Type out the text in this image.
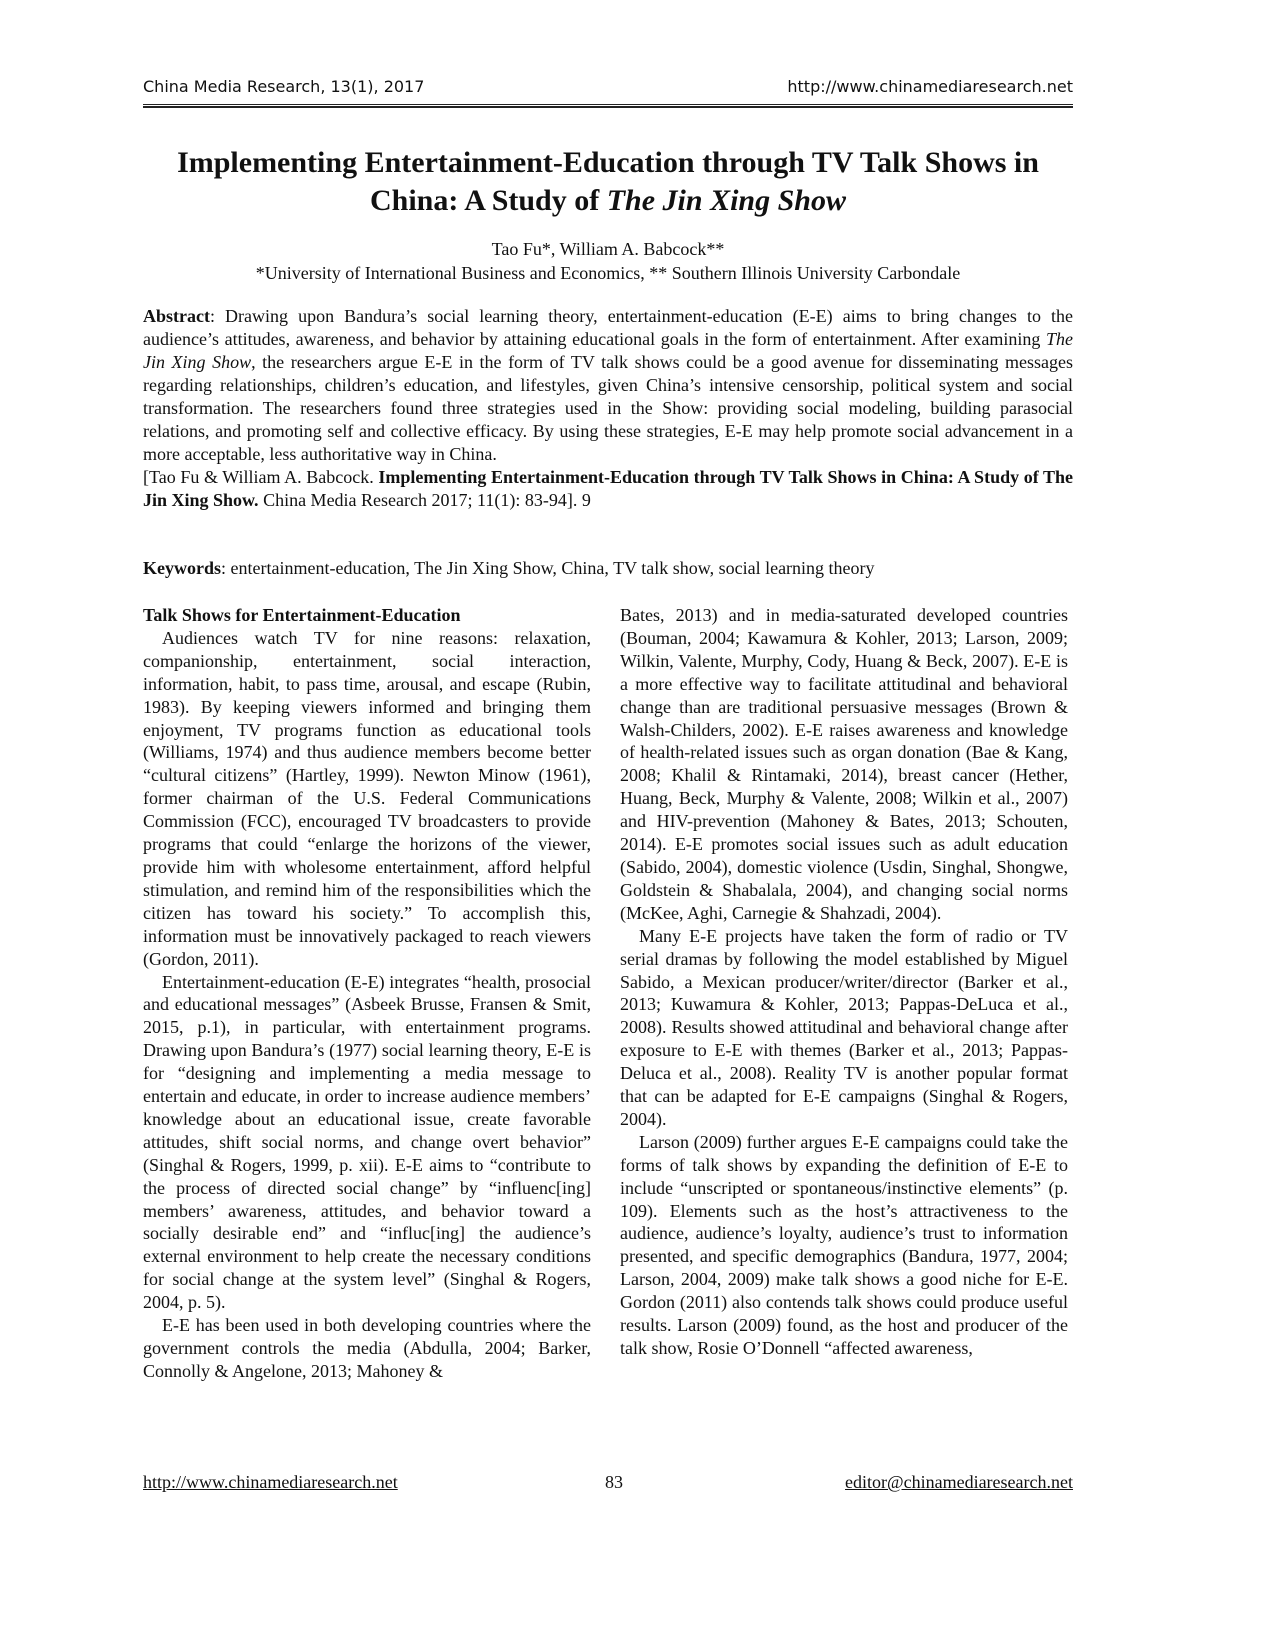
China Media Research, 13(1), 2017	http://www.chinamediaresearch.net
Implementing Entertainment-Education through TV Talk Shows in
China: A Study of The Jin Xing Show
Tao Fu*, William A. Babcock**
*University of International Business and Economics, ** Southern Illinois University Carbondale

Abstract: Drawing upon Bandura’s social learning theory, entertainment-education (E-E) aims to bring changes to the audience’s attitudes, awareness, and behavior by attaining educational goals in the form of entertainment. After examining The Jin Xing Show, the researchers argue E-E in the form of TV talk shows could be a good avenue for disseminating messages regarding relationships, children’s education, and lifestyles, given China’s intensive censorship, political system and social transformation. The researchers found three strategies used in the Show: providing social modeling, building parasocial relations, and promoting self and collective efficacy. By using these strategies, E-E may help promote social advancement in a more acceptable, less authoritative way in China.

[Tao Fu & William A. Babcock. Implementing Entertainment-Education through TV Talk Shows in China: A Study of The Jin Xing Show. China Media Research 2017; 11(1): 83-94]. 9

Keywords: entertainment-education, The Jin Xing Show, China, TV talk show, social learning theory
Talk Shows for Entertainment-Education

Audiences watch TV for nine reasons: relaxation, companionship, entertainment, social interaction, information, habit, to pass time, arousal, and escape (Rubin, 1983). By keeping viewers informed and bringing them enjoyment, TV programs function as educational tools (Williams, 1974) and thus audience members become better “cultural citizens” (Hartley, 1999). Newton Minow (1961), former chairman of the U.S. Federal Communications Commission (FCC), encouraged TV broadcasters to provide programs that could “enlarge the horizons of the viewer, provide him with wholesome entertainment, afford helpful stimulation, and remind him of the responsibilities which the citizen has toward his society.” To accomplish this, information must be innovatively packaged to reach viewers (Gordon, 2011).

Entertainment-education (E-E) integrates “health, prosocial and educational messages” (Asbeek Brusse, Fransen & Smit, 2015, p.1), in particular, with entertainment programs. Drawing upon Bandura’s (1977) social learning theory, E-E is for “designing and implementing a media message to entertain and educate, in order to increase audience members’ knowledge about an educational issue, create favorable attitudes, shift social norms, and change overt behavior” (Singhal & Rogers, 1999, p. xii). E-E aims to “contribute to the process of directed social change” by “influenc[ing] members’ awareness, attitudes, and behavior toward a socially desirable end” and “influc[ing] the audience’s external environment to help create the necessary conditions for social change at the system level” (Singhal & Rogers, 2004, p. 5).

E-E has been used in both developing countries where the government controls the media (Abdulla, 2004; Barker, Connolly & Angelone, 2013; Mahoney &

Bates, 2013) and in media-saturated developed countries (Bouman, 2004; Kawamura & Kohler, 2013; Larson, 2009; Wilkin, Valente, Murphy, Cody, Huang & Beck, 2007). E-E is a more effective way to facilitate attitudinal and behavioral change than are traditional persuasive messages (Brown & Walsh-Childers, 2002). E-E raises awareness and knowledge of health-related issues such as organ donation (Bae & Kang, 2008; Khalil & Rintamaki, 2014), breast cancer (Hether, Huang, Beck, Murphy & Valente, 2008; Wilkin et al., 2007) and HIV-prevention (Mahoney & Bates, 2013; Schouten, 2014). E-E promotes social issues such as adult education (Sabido, 2004), domestic violence (Usdin, Singhal, Shongwe, Goldstein & Shabalala, 2004), and changing social norms (McKee, Aghi, Carnegie & Shahzadi, 2004).

Many E-E projects have taken the form of radio or TV serial dramas by following the model established by Miguel Sabido, a Mexican producer/writer/director (Barker et al., 2013; Kuwamura & Kohler, 2013; Pappas-DeLuca et al., 2008). Results showed attitudinal and behavioral change after exposure to E-E with themes (Barker et al., 2013; Pappas-Deluca et al., 2008). Reality TV is another popular format that can be adapted for E-E campaigns (Singhal & Rogers, 2004).

Larson (2009) further argues E-E campaigns could take the forms of talk shows by expanding the definition of E-E to include “unscripted or spontaneous/instinctive elements” (p. 109). Elements such as the host’s attractiveness to the audience, audience’s loyalty, audience’s trust to information presented, and specific demographics (Bandura, 1977, 2004; Larson, 2004, 2009) make talk shows a good niche for E-E. Gordon (2011) also contends talk shows could produce useful results. Larson (2009) found, as the host and producer of the talk show, Rosie O’Donnell “affected awareness,

http://www.chinamediaresearch.net	83	editor@chinamediaresearch.net
